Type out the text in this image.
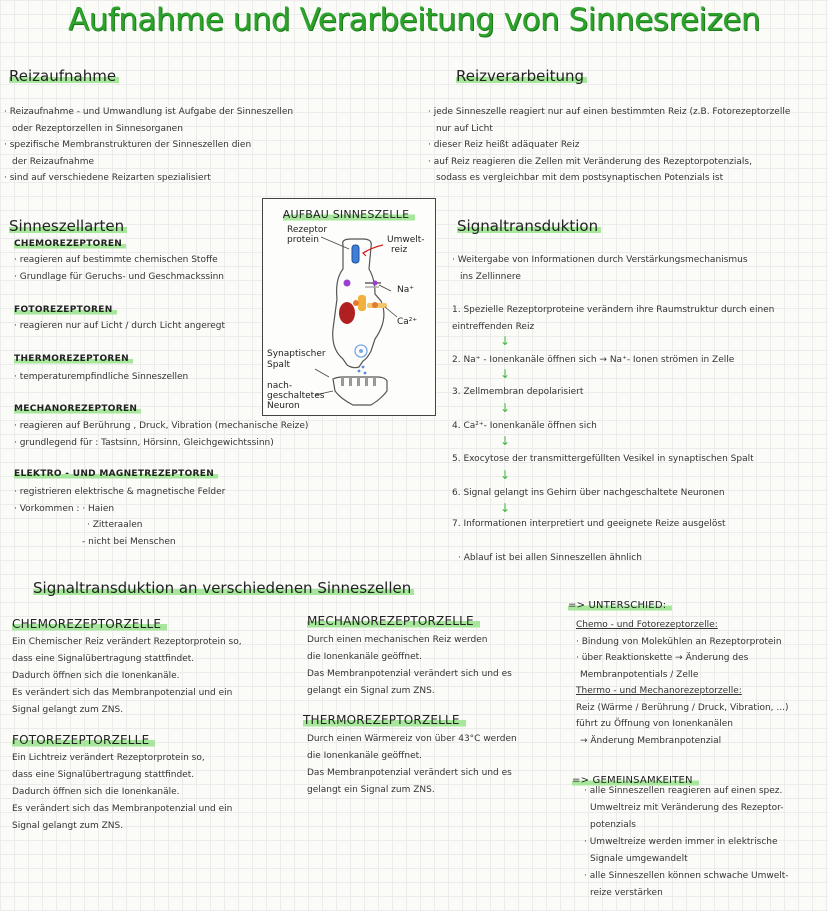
Aufnahme und Verarbeitung von Sinnesreizen
Reizaufnahme
· Reizaufnahme - und Umwandlung ist Aufgabe der Sinneszellen
oder Rezeptorzellen in Sinnesorganen
· spezifische Membranstrukturen der Sinneszellen dien
der Reizaufnahme
· sind auf verschiedene Reizarten spezialisiert
Reizverarbeitung
· jede Sinneszelle reagiert nur auf einen bestimmten Reiz (z.B. Fotorezeptorzelle
nur auf Licht
· dieser Reiz heißt adäquater Reiz
· auf Reiz reagieren die Zellen mit Veränderung des Rezeptorpotenzials,
sodass es vergleichbar mit dem postsynaptischen Potenzials ist
Sinneszellarten
CHEMOREZEPTOREN
· reagieren auf bestimmte chemischen Stoffe
· Grundlage für Geruchs- und Geschmackssinn
FOTOREZEPTOREN
· reagieren nur auf Licht / durch Licht angeregt
THERMOREZEPTOREN
· temperaturempfindliche Sinneszellen
MECHANOREZEPTOREN
· reagieren auf Berührung , Druck, Vibration (mechanische Reize)
· grundlegend für : Tastsinn, Hörsinn, Gleichgewichtssinn)
ELEKTRO - UND MAGNETREZEPTOREN
· registrieren elektrische & magnetische Felder
· Vorkommen : · Haien
· Zitteraalen
- nicht bei Menschen
AUFBAU SINNESZELLE
Rezeptor
protein	Umwelt-
reiz
Na⁺
Ca²⁺
Synaptischer
Spalt
nach-
geschaltetes
Neuron
Signaltransduktion
· Weitergabe von Informationen durch Verstärkungsmechanismus
ins Zellinnere
1. Spezielle Rezeptorproteine verändern ihre Raumstruktur durch einen
eintreffenden Reiz
↓
2. Na⁺ - Ionenkanäle öffnen sich → Na⁺- Ionen strömen in Zelle
↓
3. Zellmembran depolarisiert
↓
4. Ca²⁺- Ionenkanäle öffnen sich
↓
5. Exocytose der transmittergefüllten Vesikel in synaptischen Spalt
↓
6. Signal gelangt ins Gehirn über nachgeschaltete Neuronen
↓
7. Informationen interpretiert und geeignete Reize ausgelöst
· Ablauf ist bei allen Sinneszellen ähnlich
Signaltransduktion an verschiedenen Sinneszellen
CHEMOREZEPTORZELLE
Ein Chemischer Reiz verändert Rezeptorprotein so,
dass eine Signalübertragung stattfindet.
Dadurch öffnen sich die Ionenkanäle.
Es verändert sich das Membranpotenzial und ein
Signal gelangt zum ZNS.
FOTOREZEPTORZELLE
Ein Lichtreiz verändert Rezeptorprotein so,
dass eine Signalübertragung stattfindet.
Dadurch öffnen sich die Ionenkanäle.
Es verändert sich das Membranpotenzial und ein
Signal gelangt zum ZNS.
MECHANOREZEPTORZELLE
Durch einen mechanischen Reiz werden
die Ionenkanäle geöffnet.
Das Membranpotenzial verändert sich und es
gelangt ein Signal zum ZNS.
THERMOREZEPTORZELLE
Durch einen Wärmereiz von über 43°C werden
die Ionenkanäle geöffnet.
Das Membranpotenzial verändert sich und es
gelangt ein Signal zum ZNS.
=> UNTERSCHIED:
Chemo - und Fotorezeptorzelle:
· Bindung von Molekühlen an Rezeptorprotein
· über Reaktionskette → Änderung des
Membranpotentials / Zelle
Thermo - und Mechanorezeptorzelle:
Reiz (Wärme / Berührung / Druck, Vibration, ...)
führt zu Öffnung von Ionenkanälen
→ Änderung Membranpotenzial
=> GEMEINSAMKEITEN
· alle Sinneszellen reagieren auf einen spez.
Umweltreiz mit Veränderung des Rezeptor-
potenzials
· Umweltreize werden immer in elektrische
Signale umgewandelt
· alle Sinneszellen können schwache Umwelt-
reize verstärken
